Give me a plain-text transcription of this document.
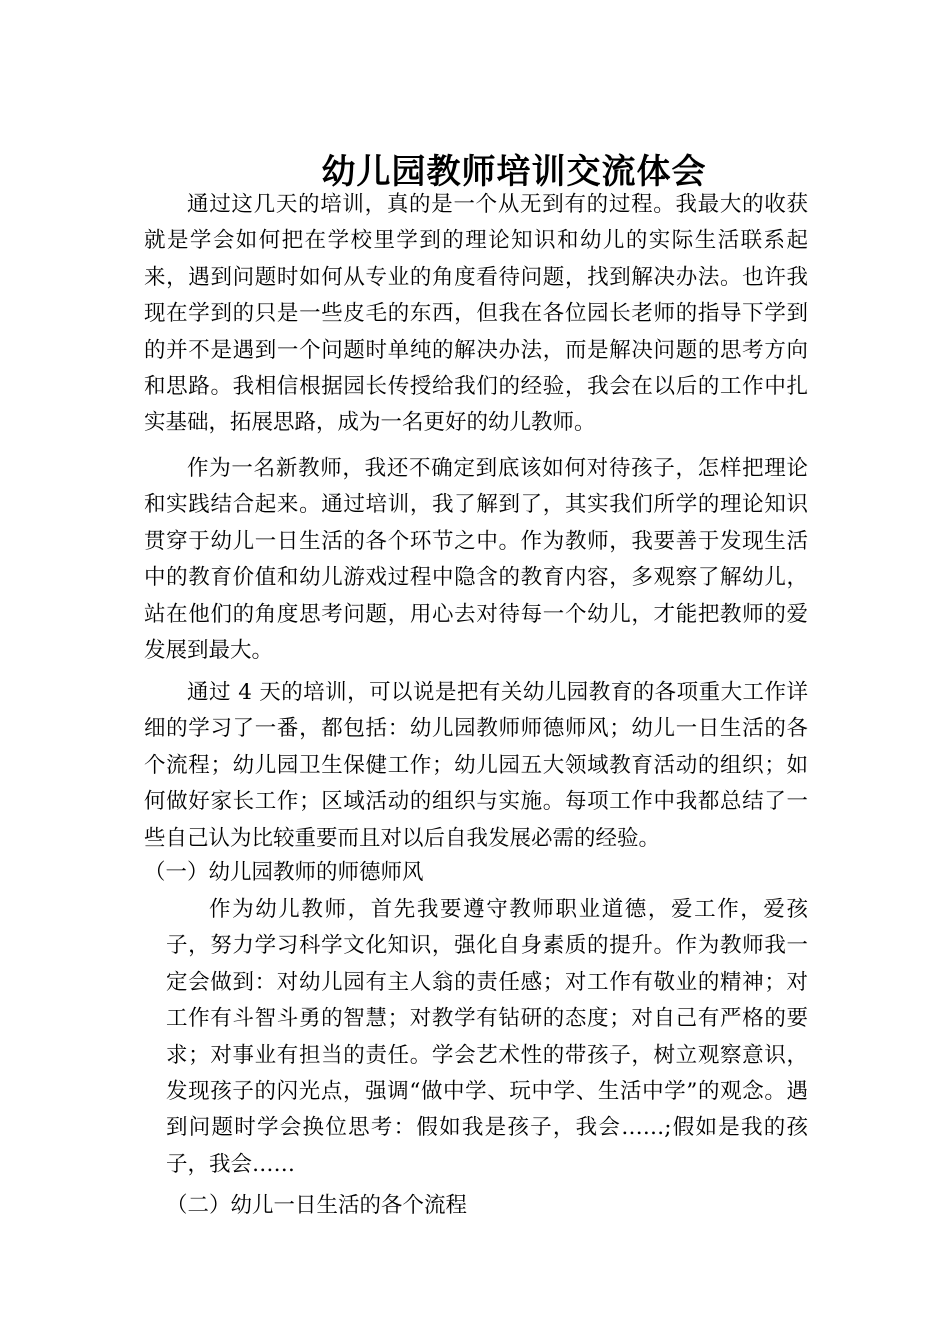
幼儿园教师培训交流体会

通过这几天的培训，真的是一个从无到有的过程。我最大的收获就是学会如何把在学校里学到的理论知识和幼儿的实际生活联系起来，遇到问题时如何从专业的角度看待问题，找到解决办法。也许我现在学到的只是一些皮毛的东西，但我在各位园长老师的指导下学到的并不是遇到一个问题时单纯的解决办法，而是解决问题的思考方向和思路。我相信根据园长传授给我们的经验，我会在以后的工作中扎实基础，拓展思路，成为一名更好的幼儿教师。

作为一名新教师，我还不确定到底该如何对待孩子，怎样把理论和实践结合起来。通过培训，我了解到了，其实我们所学的理论知识贯穿于幼儿一日生活的各个环节之中。作为教师，我要善于发现生活中的教育价值和幼儿游戏过程中隐含的教育内容，多观察了解幼儿，站在他们的角度思考问题，用心去对待每一个幼儿，才能把教师的爱发展到最大。

通过 4 天的培训，可以说是把有关幼儿园教育的各项重大工作详细的学习了一番，都包括：幼儿园教师师德师风；幼儿一日生活的各个流程；幼儿园卫生保健工作；幼儿园五大领域教育活动的组织；如何做好家长工作；区域活动的组织与实施。每项工作中我都总结了一些自己认为比较重要而且对以后自我发展必需的经验。

（一）幼儿园教师的师德师风

作为幼儿教师，首先我要遵守教师职业道德，爱工作，爱孩子，努力学习科学文化知识，强化自身素质的提升。作为教师我一定会做到：对幼儿园有主人翁的责任感；对工作有敬业的精神；对工作有斗智斗勇的智慧；对教学有钻研的态度；对自己有严格的要求；对事业有担当的责任。学会艺术性的带孩子，树立观察意识，发现孩子的闪光点，强调“做中学、玩中学、生活中学”的观念。遇到问题时学会换位思考：假如我是孩子，我会……;假如是我的孩子，我会……

（二）幼儿一日生活的各个流程
